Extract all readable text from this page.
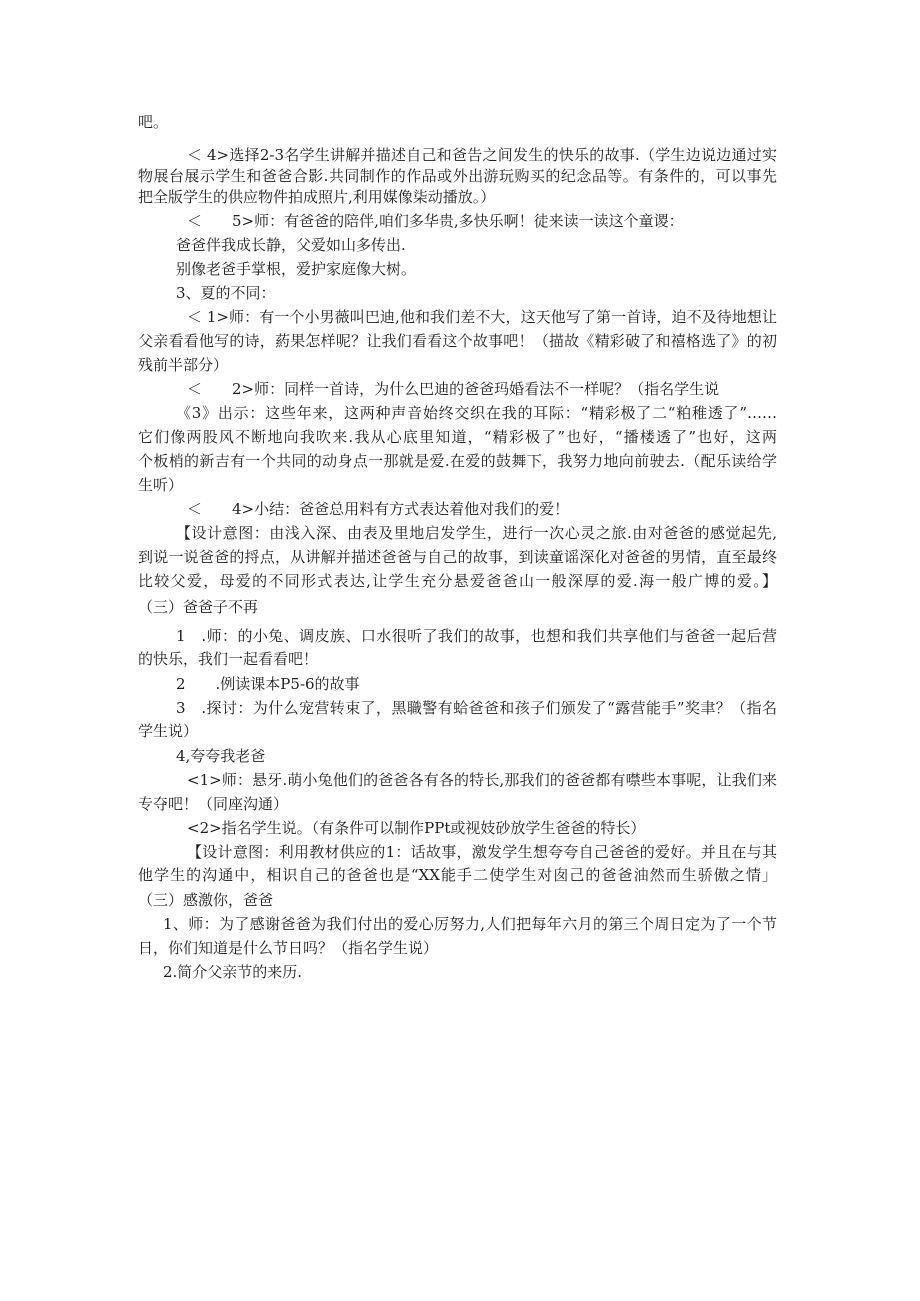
吧。
＜ 4>选择2-3名学生讲解并描述自己和爸告之间发生的快乐的故事.（学生边说边通过实
物展台展示学生和爸爸合影.共同制作的作品或外出游玩购买的纪念品等。有条件的，可以事先
把全版学生的供应物件拍成照片,利用媒像柒动播放。）
＜　　5>师：有爸爸的陪伴,咱们多华贵,多快乐啊！徒来读一读这个童谡：
爸爸伴我成长静，父爱如山多传出.
别像老爸手掌根，爱护家庭像大树。
3、夏的不同：
＜ 1>师：有一个小男薇叫巴迪,他和我们差不大，这天他写了第一首诗，迫不及待地想让
父亲看看他写的诗，葯果怎样呢？让我们看看这个故事吧！（描故《精彩破了和禧格选了》的初
残前半部分）
＜　　2>师：同样一首诗，为什么巴迪的爸爸玛婚看法不一样呢？（指名学生说
《3》出示：这些年来，这两种声音始终交织在我的耳际：“精彩极了二“粕稚透了”……
它们像两股风不断地向我吹来.我从心底里知道，“精彩极了”也好，“播楼透了”也好，这两
个板梢的新吉有一个共同的动身点一那就是爱.在爱的鼓舞下，我努力地向前驶去.（配乐读给学
生听）
＜　　4>小结：爸爸总用料有方式表达着他对我们的爱！
【设计意图：由浅入深、由表及里地启发学生，进行一次心灵之旅.由对爸爸的感觉起先,
到说一说爸爸的捋点，从讲解并描述爸爸与自己的故事，到读童谣深化对爸爸的男情，直至最终
比较父爱，母爱的不同形式表达,让学生充分悬爱爸爸山一般深厚的爱.海一般广博的爱。】
（三）爸爸子不再
1　.师：的小兔、调皮族、口水很听了我们的故事，也想和我们共享他们与爸爸一起后营
的快乐，我们一起看看吧！
2　　.例读课本P5-6的故事
3　.探讨：为什么宠营转束了，黑職警有蛤爸爸和孩子们颁发了“露营能手”奖聿？（指名
学生说）
4,夸夸我老爸
<1>师：悬牙.萌小兔他们的爸爸各有各的特长,那我们的爸爸都有噤些本事呢，让我们来
专夺吧！（同座沟通）
<2>指名学生说。（有条件可以制作PPt或视妓砂放学生爸爸的特长）
【设计意图：利用教材供应的1：话故事，激发学生想夸夸自己爸爸的爱好。并且在与其
他学生的沟通中，相识自己的爸爸也是“XX能手二使学生对囱己的爸爸油然而生骄傲之情」
（三）感激你，爸爸
1、师：为了感谢爸爸为我们付出的爱心厉努力,人们把每年六月的第三个周日定为了一个节
日，你们知道是什么节日吗？（指名学生说）
2.简介父亲节的来历.
